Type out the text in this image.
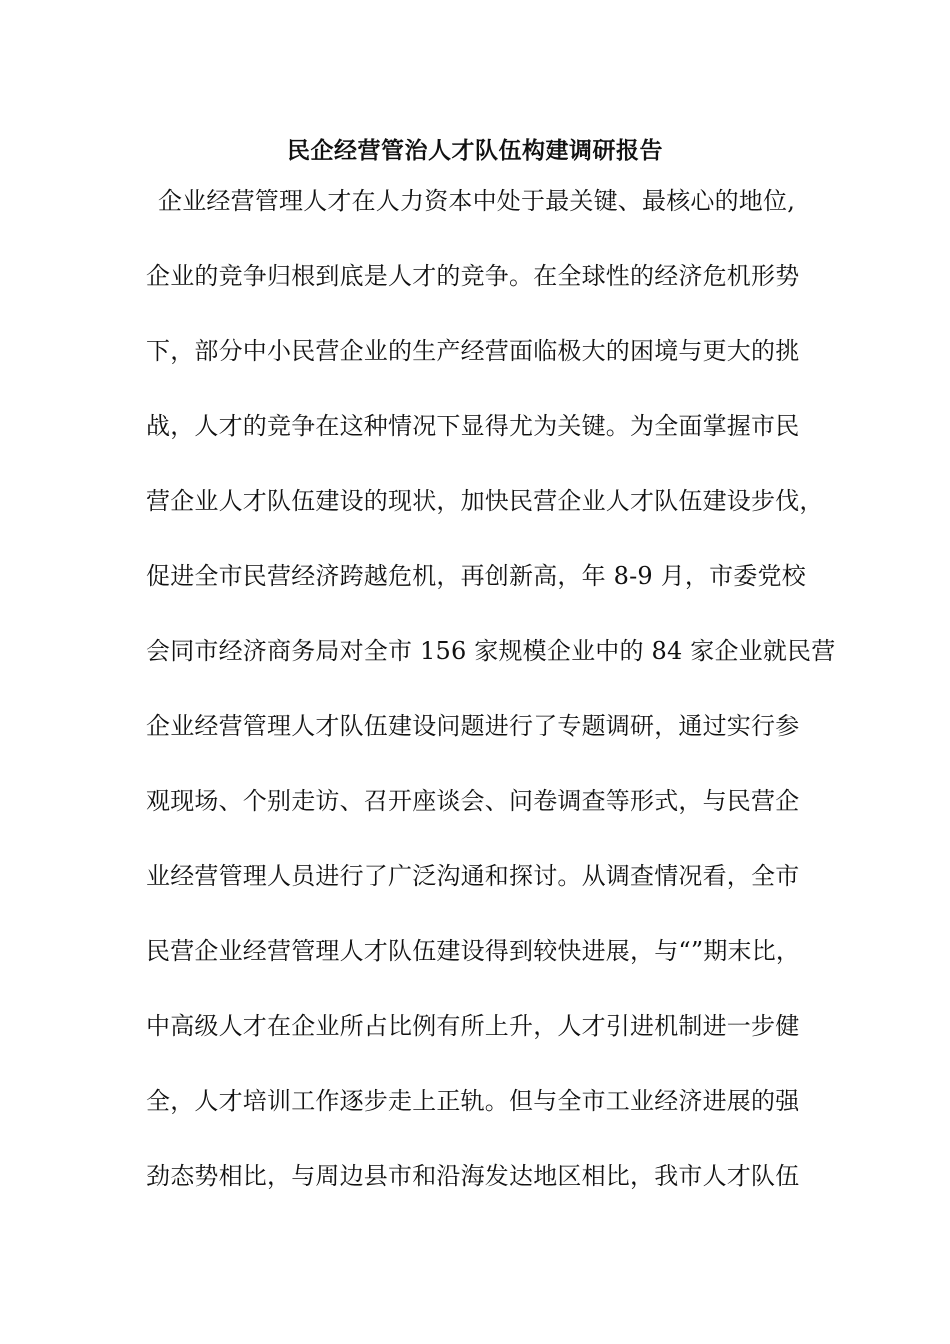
民企经营管治人才队伍构建调研报告
企业经营管理人才在人力资本中处于最关键、最核心的地位,
企业的竞争归根到底是人才的竞争。在全球性的经济危机形势
下，部分中小民营企业的生产经营面临极大的困境与更大的挑
战，人才的竞争在这种情况下显得尤为关键。为全面掌握市民
营企业人才队伍建设的现状，加快民营企业人才队伍建设步伐，
促进全市民营经济跨越危机，再创新高，年 8-9 月，市委党校
会同市经济商务局对全市 156 家规模企业中的 84 家企业就民营
企业经营管理人才队伍建设问题进行了专题调研，通过实行参
观现场、个别走访、召开座谈会、问卷调查等形式，与民营企
业经营管理人员进行了广泛沟通和探讨。从调查情况看，全市
民营企业经营管理人才队伍建设得到较快进展，与“”期末比，
中高级人才在企业所占比例有所上升，人才引进机制进一步健
全，人才培训工作逐步走上正轨。但与全市工业经济进展的强
劲态势相比，与周边县市和沿海发达地区相比，我市人才队伍
